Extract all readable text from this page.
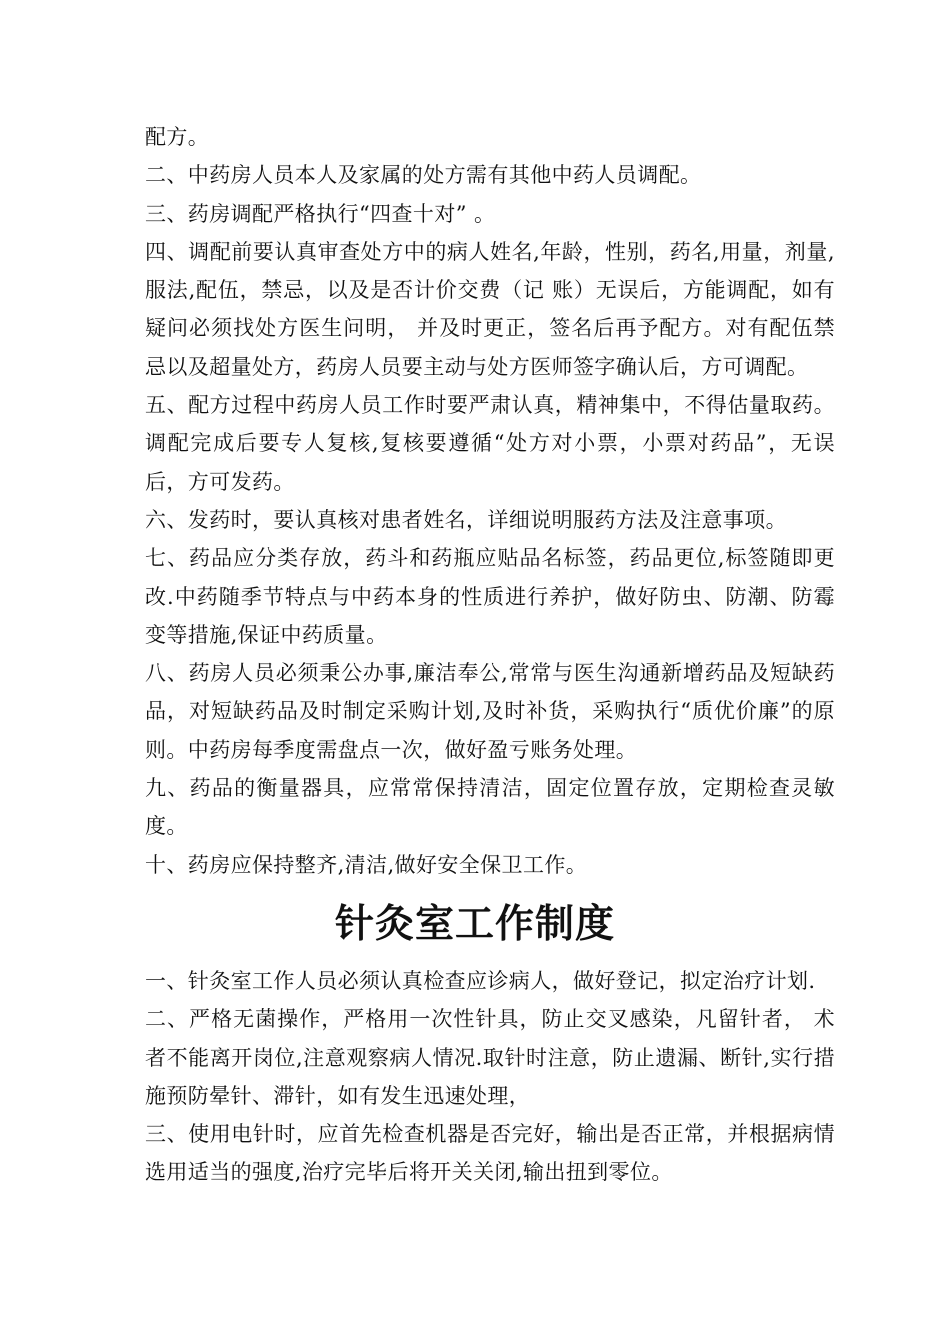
配方。

二、中药房人员本人及家属的处方需有其他中药人员调配。

三、药房调配严格执行“四查十对” 。

四、调配前要认真审查处方中的病人姓名,年龄，性别，药名,用量，剂量,服法,配伍，禁忌，以及是否计价交费（记 账）无误后，方能调配，如有疑问必须找处方医生问明， 并及时更正，签名后再予配方。对有配伍禁忌以及超量处方，药房人员要主动与处方医师签字确认后，方可调配。

五、配方过程中药房人员工作时要严肃认真，精神集中，不得估量取药。调配完成后要专人复核,复核要遵循“处方对小票，小票对药品”，无误后，方可发药。

六、发药时，要认真核对患者姓名，详细说明服药方法及注意事项。

七、药品应分类存放，药斗和药瓶应贴品名标签，药品更位,标签随即更改.中药随季节特点与中药本身的性质进行养护，做好防虫、防潮、防霉变等措施,保证中药质量。

八、药房人员必须秉公办事,廉洁奉公,常常与医生沟通新增药品及短缺药品，对短缺药品及时制定采购计划,及时补货，采购执行“质优价廉”的原则。中药房每季度需盘点一次，做好盈亏账务处理。

九、药品的衡量器具，应常常保持清洁，固定位置存放，定期检查灵敏度。

十、药房应保持整齐,清洁,做好安全保卫工作。

针灸室工作制度

一、针灸室工作人员必须认真检查应诊病人，做好登记，拟定治疗计划.

二、严格无菌操作，严格用一次性针具，防止交叉感染，凡留针者， 术者不能离开岗位,注意观察病人情况.取针时注意，防止遗漏、断针,实行措施预防晕针、滞针，如有发生迅速处理，

三、使用电针时，应首先检查机器是否完好，输出是否正常，并根据病情选用适当的强度,治疗完毕后将开关关闭,输出扭到零位。
